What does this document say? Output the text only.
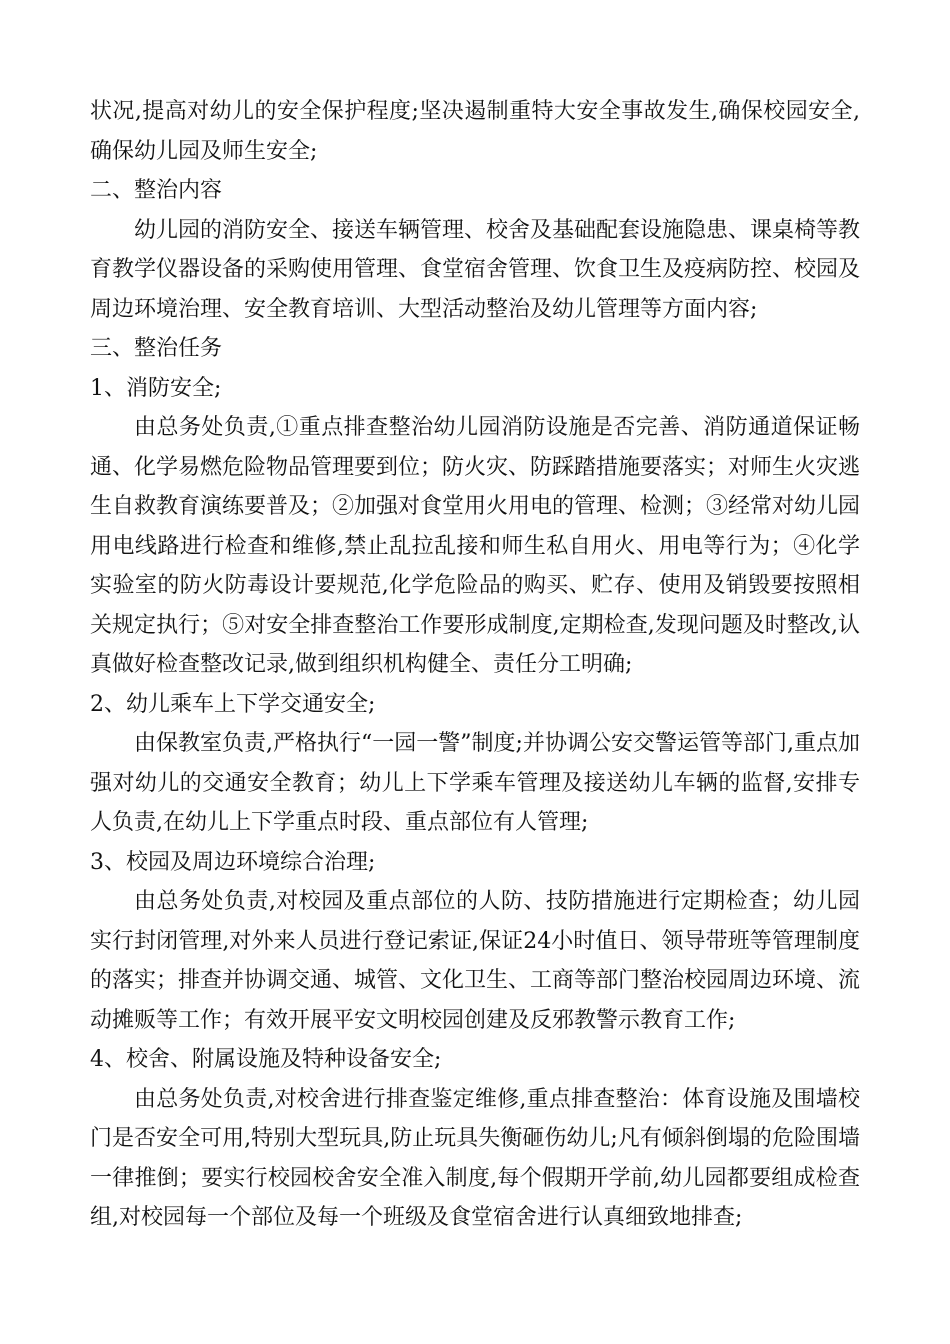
状况,提高对幼儿的安全保护程度;坚决遏制重特大安全事故发生,确保校园安全,确保幼儿园及师生安全;

二、整治内容

幼儿园的消防安全、接送车辆管理、校舍及基础配套设施隐患、课桌椅等教育教学仪器设备的采购使用管理、食堂宿舍管理、饮食卫生及疫病防控、校园及周边环境治理、安全教育培训、大型活动整治及幼儿管理等方面内容;

三、整治任务

1、消防安全;

由总务处负责,①重点排查整治幼儿园消防设施是否完善、消防通道保证畅通、化学易燃危险物品管理要到位；防火灾、防踩踏措施要落实；对师生火灾逃生自救教育演练要普及；②加强对食堂用火用电的管理、检测；③经常对幼儿园用电线路进行检查和维修,禁止乱拉乱接和师生私自用火、用电等行为；④化学实验室的防火防毒设计要规范,化学危险品的购买、贮存、使用及销毁要按照相关规定执行；⑤对安全排查整治工作要形成制度,定期检查,发现问题及时整改,认真做好检查整改记录,做到组织机构健全、责任分工明确;

2、幼儿乘车上下学交通安全;

由保教室负责,严格执行“一园一警”制度;并协调公安交警运管等部门,重点加强对幼儿的交通安全教育；幼儿上下学乘车管理及接送幼儿车辆的监督,安排专人负责,在幼儿上下学重点时段、重点部位有人管理;

3、校园及周边环境综合治理;

由总务处负责,对校园及重点部位的人防、技防措施进行定期检查；幼儿园实行封闭管理,对外来人员进行登记索证,保证24小时值日、领导带班等管理制度的落实；排查并协调交通、城管、文化卫生、工商等部门整治校园周边环境、流动摊贩等工作；有效开展平安文明校园创建及反邪教警示教育工作;

4、校舍、附属设施及特种设备安全;

由总务处负责,对校舍进行排查鉴定维修,重点排查整治：体育设施及围墙校门是否安全可用,特别大型玩具,防止玩具失衡砸伤幼儿;凡有倾斜倒塌的危险围墙一律推倒；要实行校园校舍安全准入制度,每个假期开学前,幼儿园都要组成检查组,对校园每一个部位及每一个班级及食堂宿舍进行认真细致地排查;
